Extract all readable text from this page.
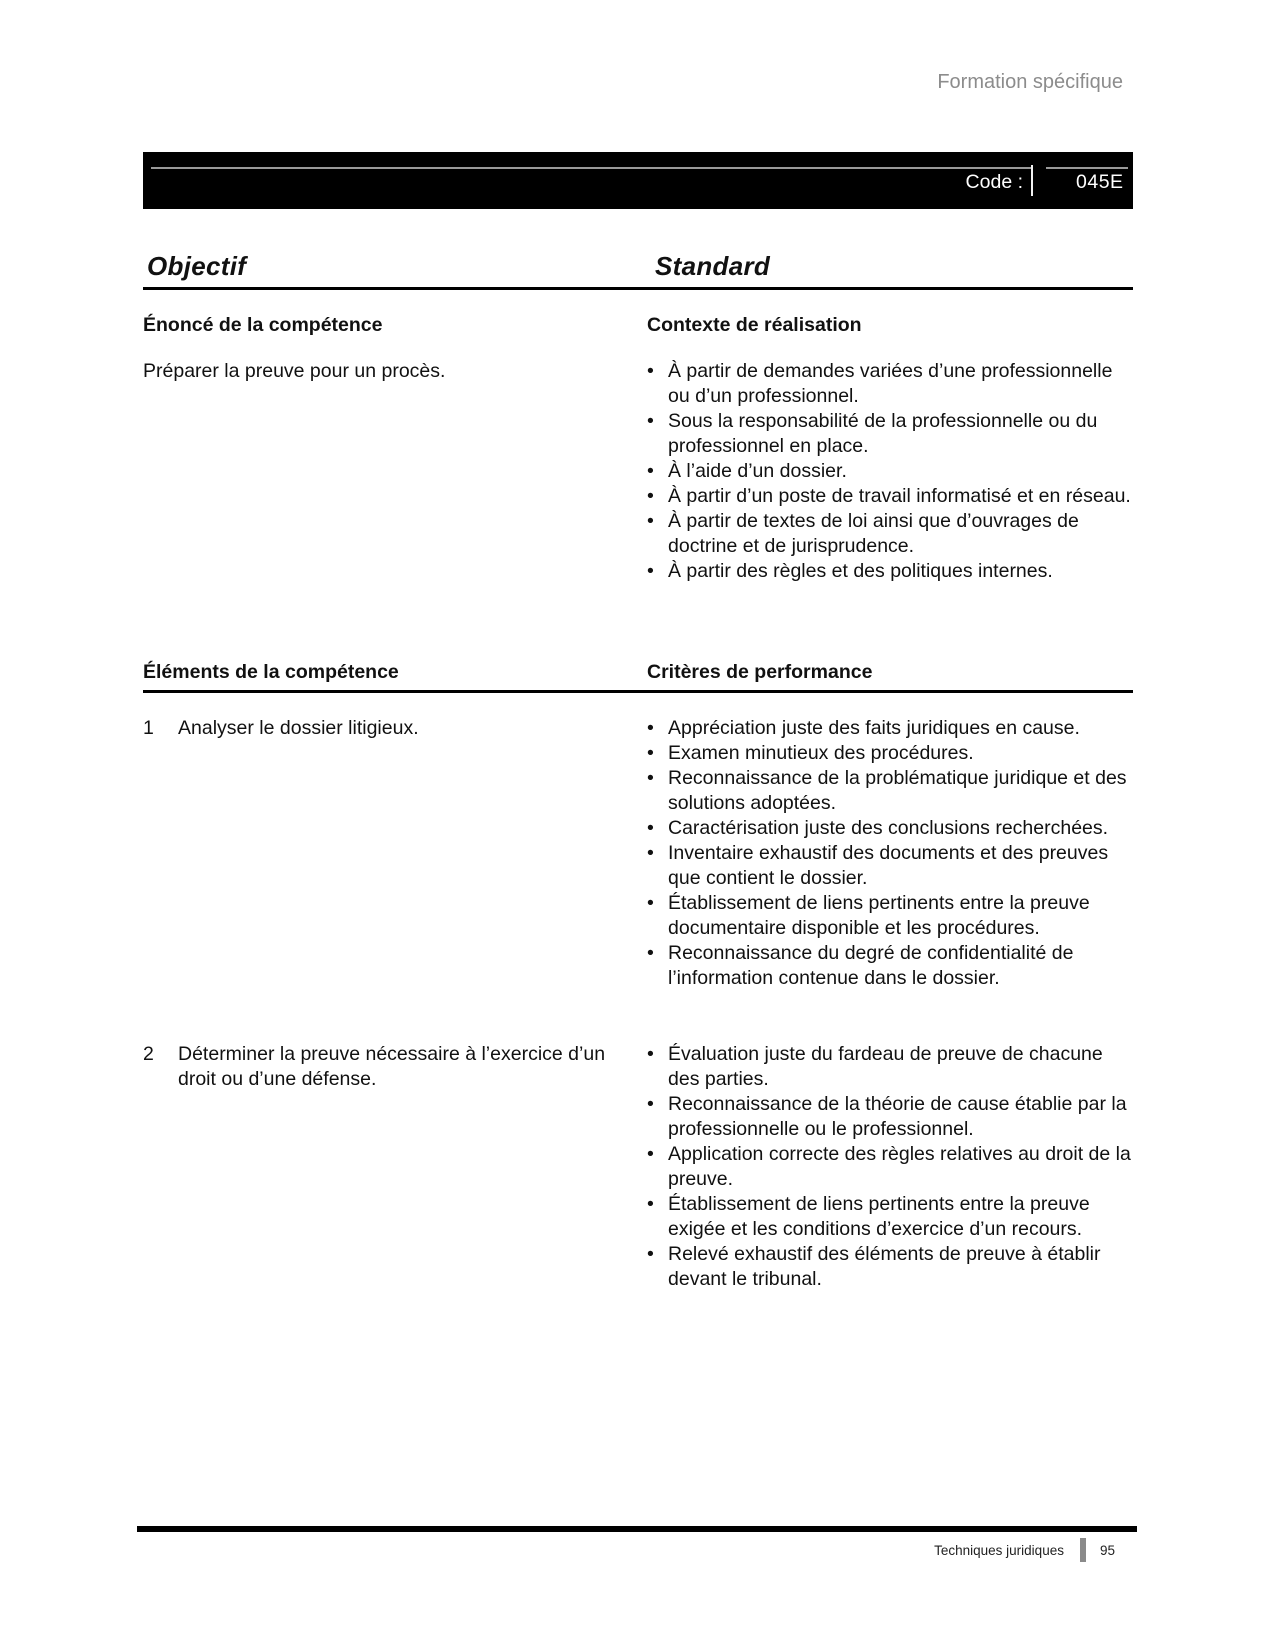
Formation spécifique
Code :	045E
Objectif	Standard
Énoncé de la compétence	Contexte de réalisation
Préparer la preuve pour un procès.	• À partir de demandes variées d’une professionnelle ou d’un professionnel.
• Sous la responsabilité de la professionnelle ou du professionnel en place.
• À l’aide d’un dossier.
• À partir d’un poste de travail informatisé et en réseau.
• À partir de textes de loi ainsi que d’ouvrages de doctrine et de jurisprudence.
• À partir des règles et des politiques internes.
Éléments de la compétence	Critères de performance
1	Analyser le dossier litigieux.	• Appréciation juste des faits juridiques en cause.
• Examen minutieux des procédures.
• Reconnaissance de la problématique juridique et des solutions adoptées.
• Caractérisation juste des conclusions recherchées.
• Inventaire exhaustif des documents et des preuves que contient le dossier.
• Établissement de liens pertinents entre la preuve documentaire disponible et les procédures.
• Reconnaissance du degré de confidentialité de l’information contenue dans le dossier.
2	Déterminer la preuve nécessaire à l’exercice d’un droit ou d’une défense.
• Évaluation juste du fardeau de preuve de chacune des parties.
• Reconnaissance de la théorie de cause établie par la professionnelle ou le professionnel.
• Application correcte des règles relatives au droit de la preuve.
• Établissement de liens pertinents entre la preuve exigée et les conditions d’exercice d’un recours.
• Relevé exhaustif des éléments de preuve à établir devant le tribunal.
Techniques juridiques	95
